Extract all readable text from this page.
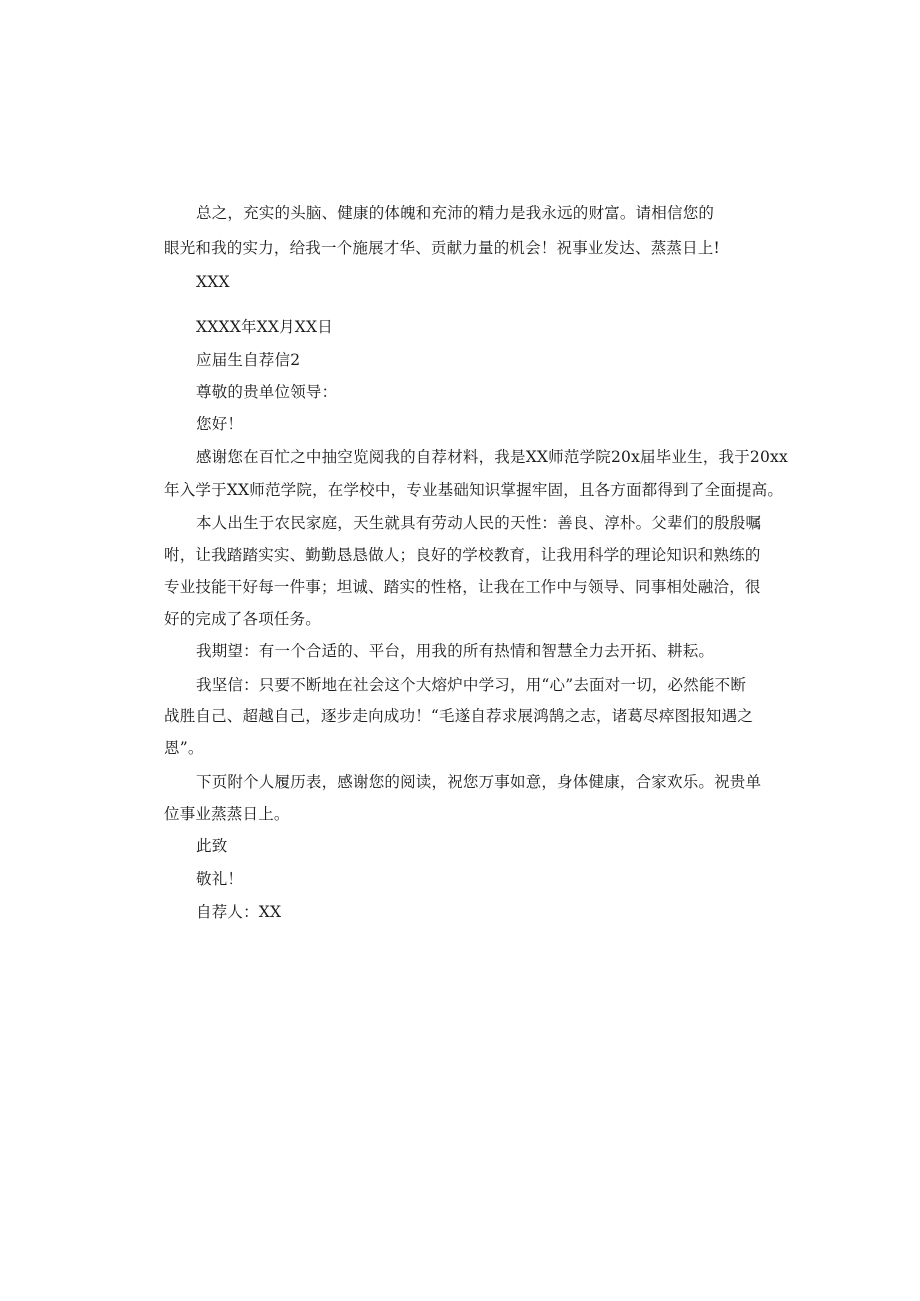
总之，充实的头脑、健康的体魄和充沛的精力是我永远的财富。请相信您的
眼光和我的实力，给我一个施展才华、贡献力量的机会！祝事业发达、蒸蒸日上!
XXX
XXXX年XX月XX日
应届生自荐信2
尊敬的贵单位领导：
您好！
感谢您在百忙之中抽空览阅我的自荐材料，我是XX师范学院20x届毕业生，我于20xx
年入学于XX师范学院，在学校中，专业基础知识掌握牢固，且各方面都得到了全面提高。
本人出生于农民家庭，天生就具有劳动人民的天性：善良、淳朴。父辈们的殷殷嘱
咐，让我踏踏实实、勤勤恳恳做人；良好的学校教育，让我用科学的理论知识和熟练的
专业技能干好每一件事；坦诚、踏实的性格，让我在工作中与领导、同事相处融洽，很
好的完成了各项任务。
我期望：有一个合适的、平台，用我的所有热情和智慧全力去开拓、耕耘。
我坚信：只要不断地在社会这个大熔炉中学习，用“心”去面对一切，必然能不断
战胜自己、超越自己，逐步走向成功！“毛遂自荐求展鸿鹄之志，诸葛尽瘁图报知遇之
恩”。
下页附个人履历表，感谢您的阅读，祝您万事如意，身体健康，合家欢乐。祝贵单
位事业蒸蒸日上。
此致
敬礼！
自荐人：XX
